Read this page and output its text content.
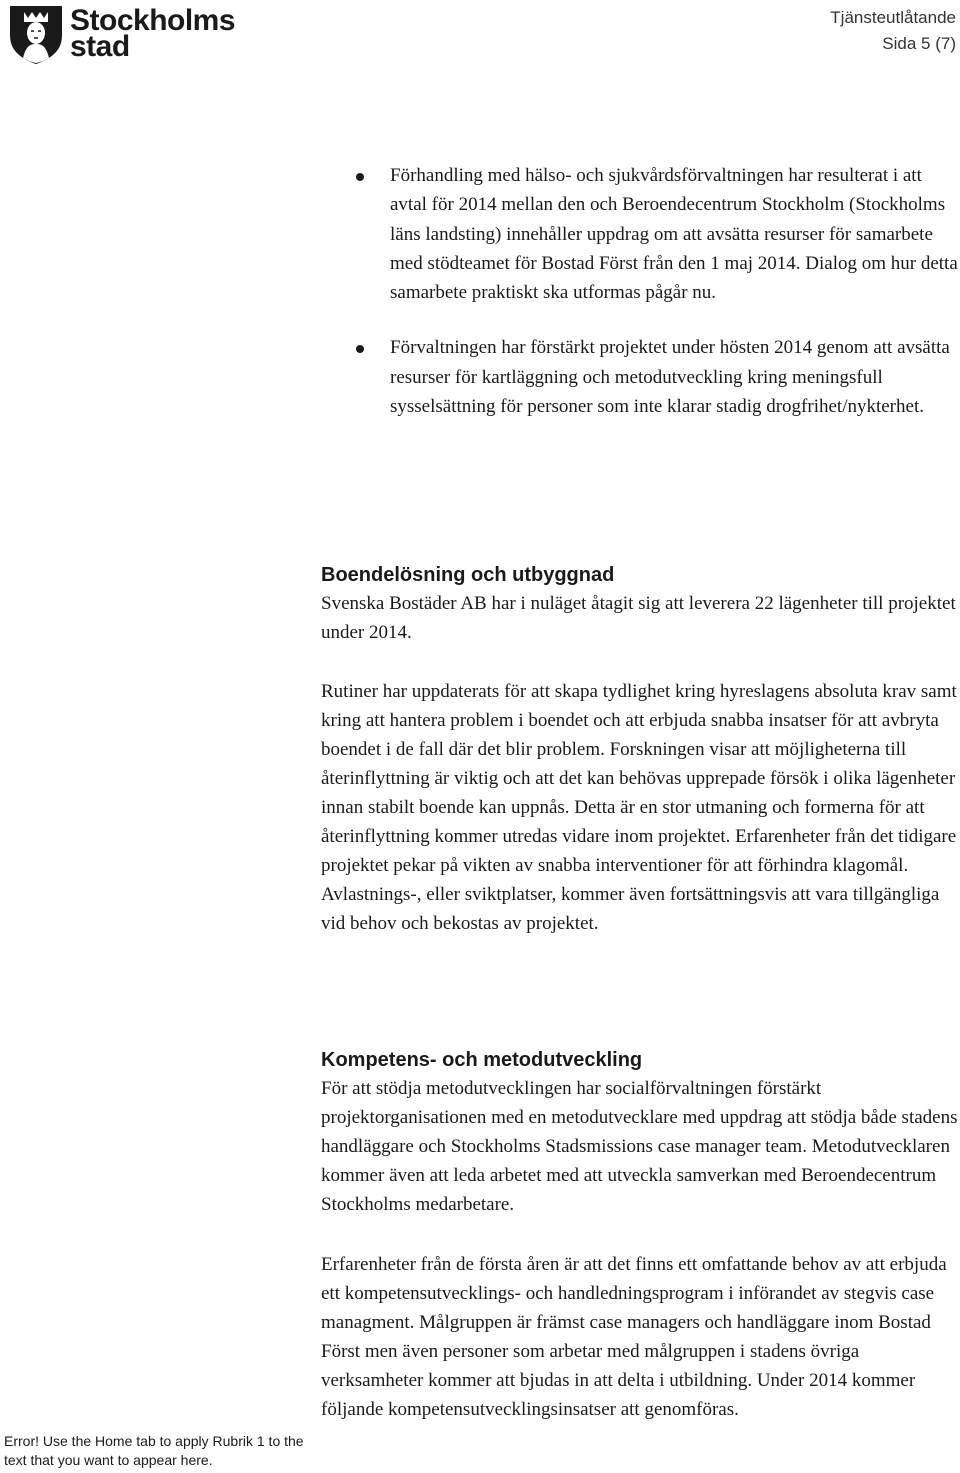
Stockholms
stad
Tjänsteutlåtande
Sida 5 (7)
Förhandling med hälso- och sjukvårdsförvaltningen har resulterat i att avtal för 2014 mellan den och Beroendecentrum Stockholm (Stockholms läns landsting) innehåller uppdrag om att avsätta resurser för samarbete med stödteamet för Bostad Först från den 1 maj 2014. Dialog om hur detta samarbete praktiskt ska utformas pågår nu.
Förvaltningen har förstärkt projektet under hösten 2014 genom att avsätta resurser för kartläggning och metodutveckling kring meningsfull sysselsättning för personer som inte klarar stadig drogfrihet/nykterhet.
Boendelösning och utbyggnad

Svenska Bostäder AB har i nuläget åtagit sig att leverera 22 lägenheter till projektet under 2014.

Rutiner har uppdaterats för att skapa tydlighet kring hyreslagens absoluta krav samt kring att hantera problem i boendet och att erbjuda snabba insatser för att avbryta boendet i de fall där det blir problem. Forskningen visar att möjligheterna till återinflyttning är viktig och att det kan behövas upprepade försök i olika lägenheter innan stabilt boende kan uppnås. Detta är en stor utmaning och formerna för att återinflyttning kommer utredas vidare inom projektet. Erfarenheter från det tidigare projektet pekar på vikten av snabba interventioner för att förhindra klagomål. Avlastnings-, eller sviktplatser, kommer även fortsättningsvis att vara tillgängliga vid behov och bekostas av projektet.

Kompetens- och metodutveckling

För att stödja metodutvecklingen har socialförvaltningen förstärkt projektorganisationen med en metodutvecklare med uppdrag att stödja både stadens handläggare och Stockholms Stadsmissions case manager team. Metodutvecklaren kommer även att leda arbetet med att utveckla samverkan med Beroendecentrum Stockholms medarbetare.

Erfarenheter från de första åren är att det finns ett omfattande behov av att erbjuda ett kompetensutvecklings- och handledningsprogram i införandet av stegvis case managment. Målgruppen är främst case managers och handläggare inom Bostad Först men även personer som arbetar med målgruppen i stadens övriga verksamheter kommer att bjudas in att delta i utbildning. Under 2014 kommer följande kompetensutvecklingsinsatser att genomföras.

Error! Use the Home tab to apply Rubrik 1 to the text that you want to appear here.
